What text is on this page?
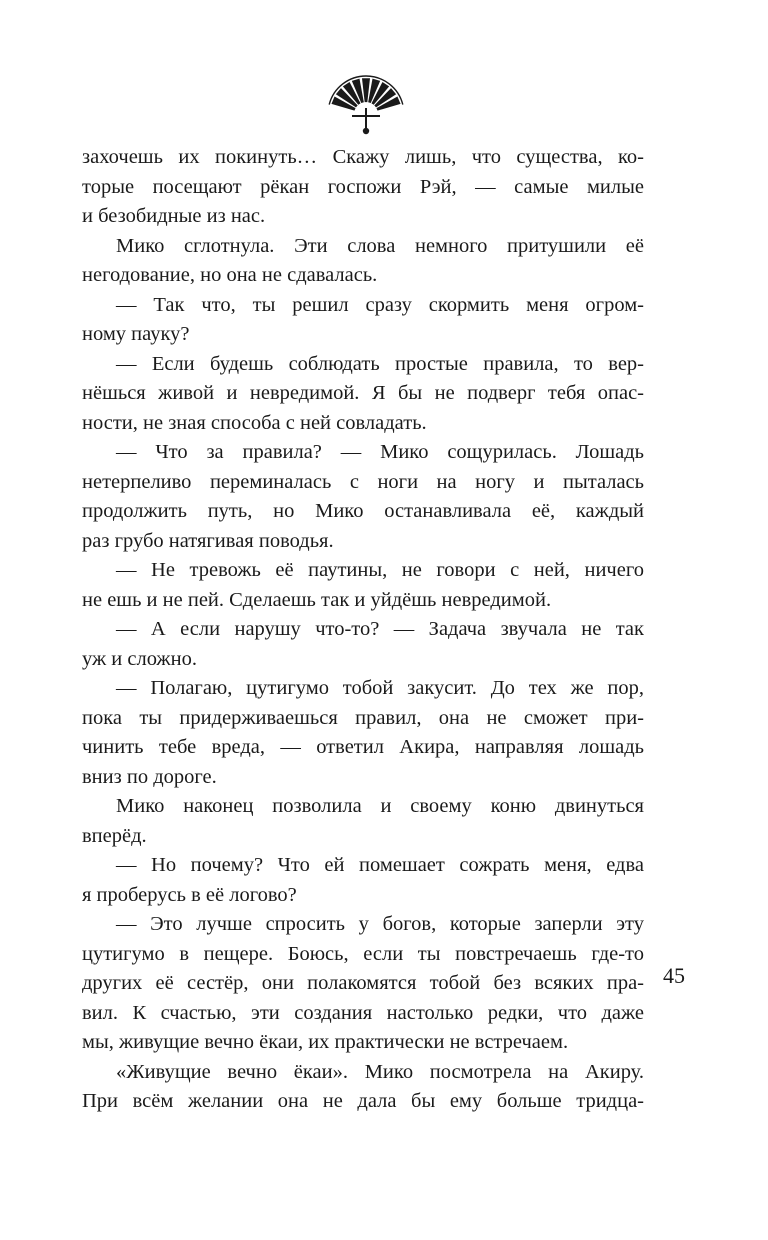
захочешь их покинуть… Скажу лишь, что существа, ко-
торые посещают рёкан госпожи Рэй, — самые милые
и безобидные из нас.
Мико сглотнула. Эти слова немного притушили её
негодование, но она не сдавалась.
— Так что, ты решил сразу скормить меня огром-
ному пауку?
— Если будешь соблюдать простые правила, то вер-
нёшься живой и невредимой. Я бы не подверг тебя опас-
ности, не зная способа с ней совладать.
— Что за правила? — Мико сощурилась. Лошадь
нетерпеливо переминалась с ноги на ногу и пыталась
продолжить путь, но Мико останавливала её, каждый
раз грубо натягивая поводья.
— Не тревожь её паутины, не говори с ней, ничего
не ешь и не пей. Сделаешь так и уйдёшь невредимой.
— А если нарушу что-то? — Задача звучала не так
уж и сложно.
— Полагаю, цутигумо тобой закусит. До тех же пор,
пока ты придерживаешься правил, она не сможет при-
чинить тебе вреда, — ответил Акира, направляя лошадь
вниз по дороге.
Мико наконец позволила и своему коню двинуться
вперёд.
— Но почему? Что ей помешает сожрать меня, едва
я проберусь в её логово?
— Это лучше спросить у богов, которые заперли эту
цутигумо в пещере. Боюсь, если ты повстречаешь где-то
других её сестёр, они полакомятся тобой без всяких пра-
вил. К счастью, эти создания настолько редки, что даже
мы, живущие вечно ёкаи, их практически не встречаем.
«Живущие вечно ёкаи». Мико посмотрела на Акиру.
При всём желании она не дала бы ему больше тридца-
45
